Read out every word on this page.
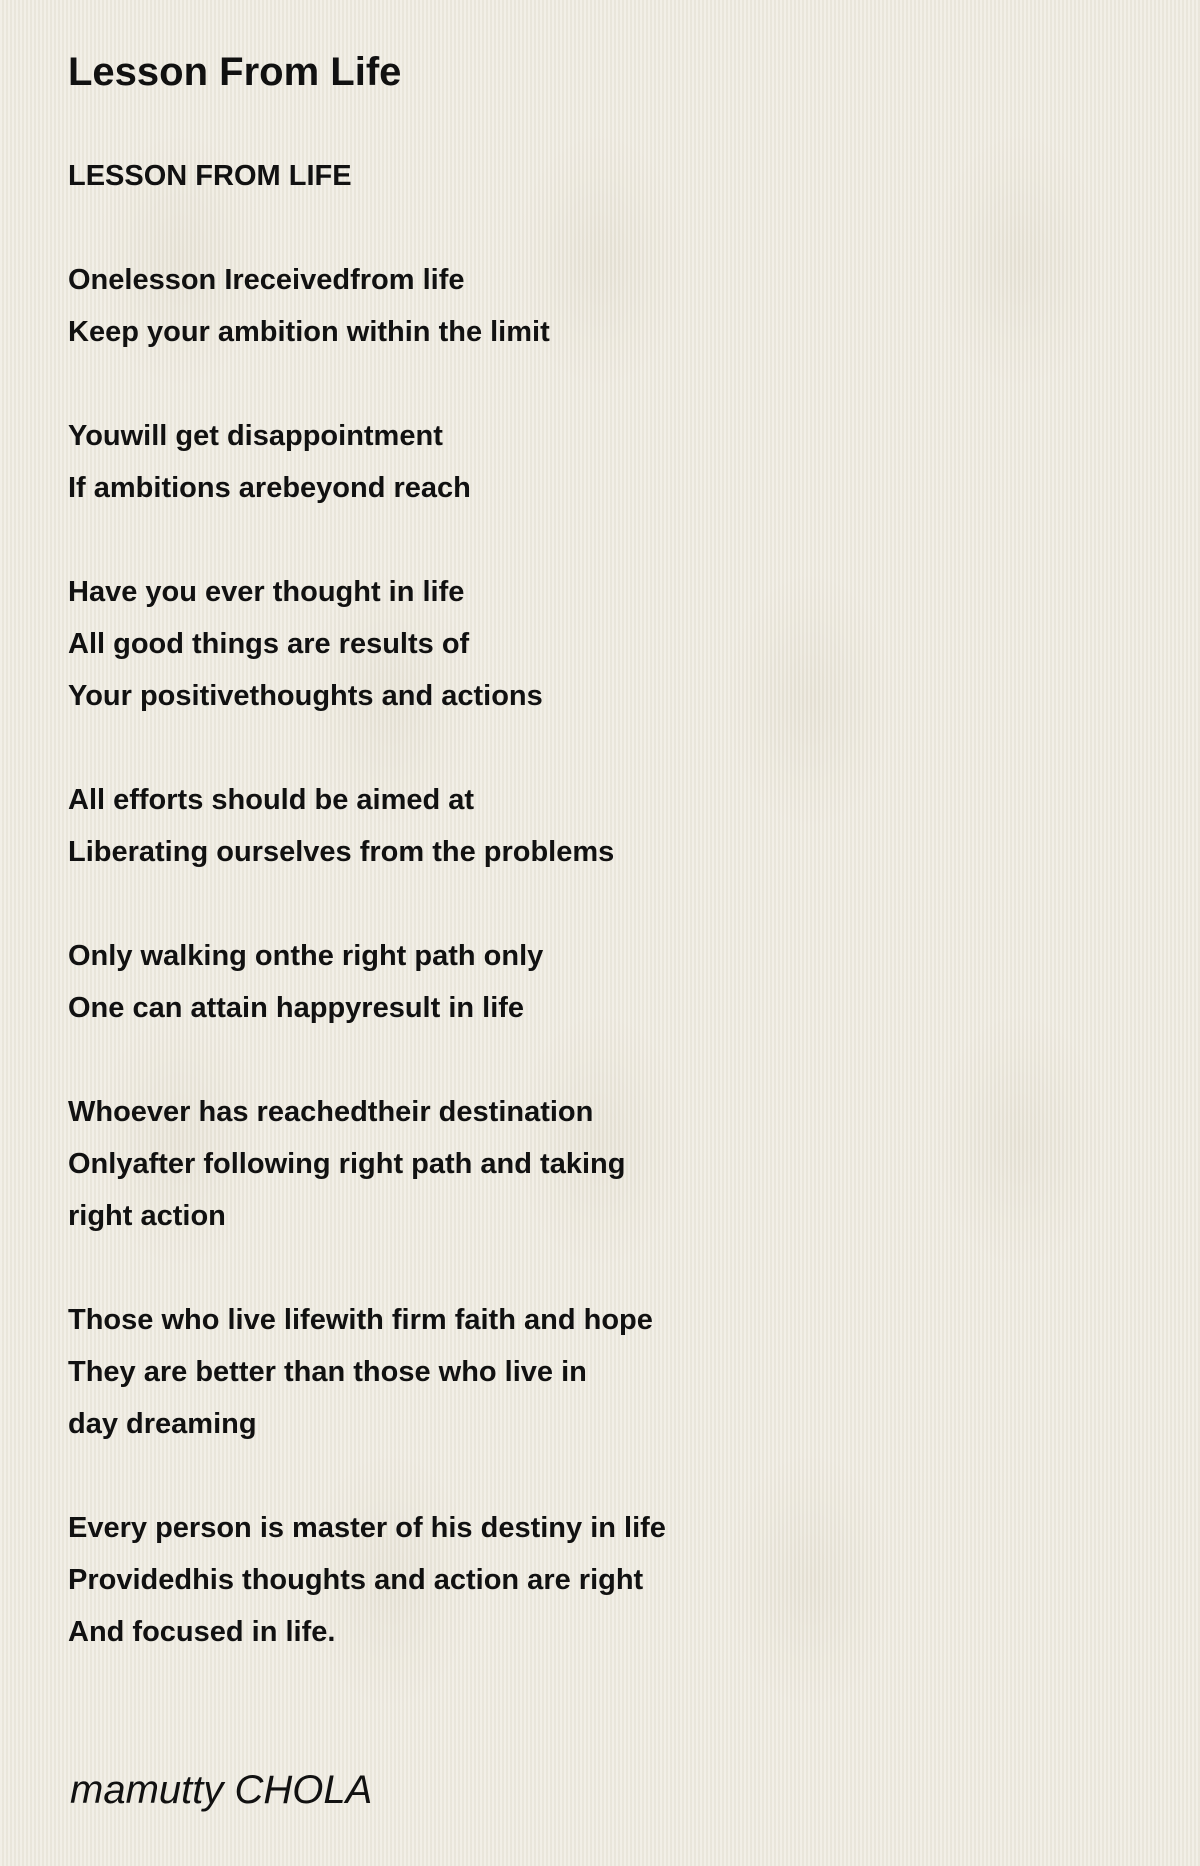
Lesson From Life
LESSON FROM LIFE
Onelesson Ireceivedfrom life
Keep your ambition within the limit
Youwill get disappointment
If ambitions arebeyond reach
Have you ever thought in life
All good things are results of
Your positivethoughts and actions
All efforts should be aimed at
Liberating ourselves from the problems
Only walking onthe right path only
One can attain happyresult in life
Whoever has reachedtheir destination
Onlyafter following right path and taking
right action
Those who live lifewith firm faith and hope
They are better than those who live in
day dreaming
Every person is master of his destiny in life
Providedhis thoughts and action are right
And focused in life.
mamutty CHOLA
